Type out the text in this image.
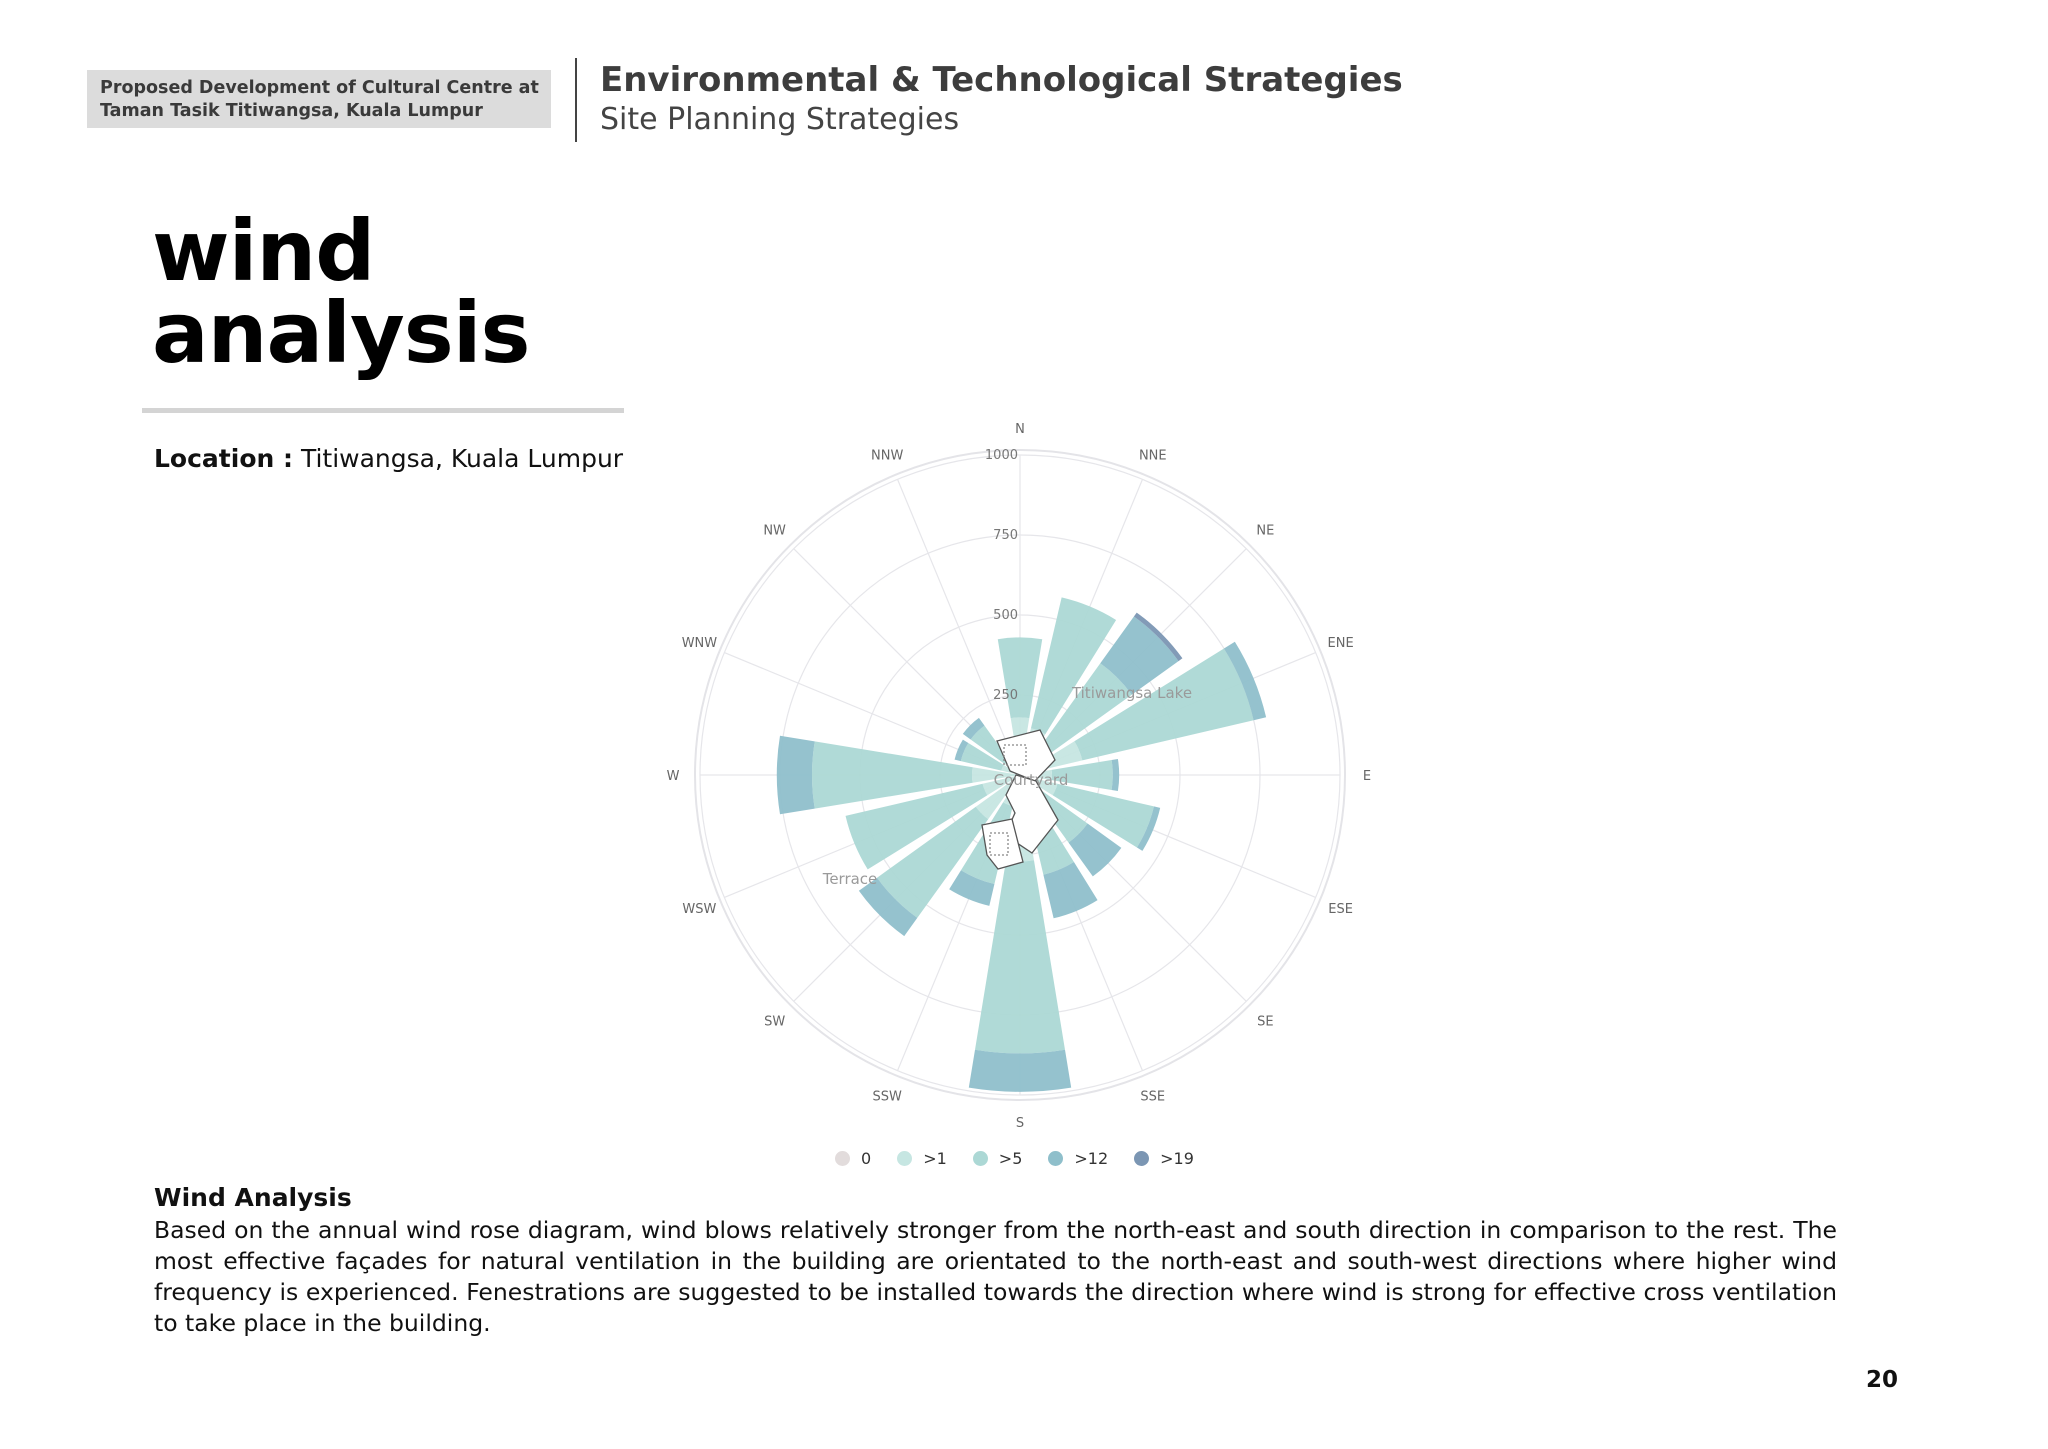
Proposed Development of Cultural Centre at
Taman Tasik Titiwangsa, Kuala Lumpur
Environmental & Technological Strategies
Site Planning Strategies
wind
analysis
Location : Titiwangsa, Kuala Lumpur
250
500
750
1000
N
NNE
NE
ENE
E
ESE
SE
SSE
S
SSW
SW
WSW
W
WNW
NW
NNW
Titiwangsa Lake
Courtyard
Terrace
0	>1	>5	>12	>19
Wind Analysis

Based on the annual wind rose diagram, wind blows relatively stronger from the north-east and south direction in comparison to the rest. The most effective façades for natural ventilation in the building are orientated to the north-east and south-west directions where higher wind frequency is experienced. Fenestrations are suggested to be installed towards the direction where wind is strong for effective cross ventilation to take place in the building.

20
